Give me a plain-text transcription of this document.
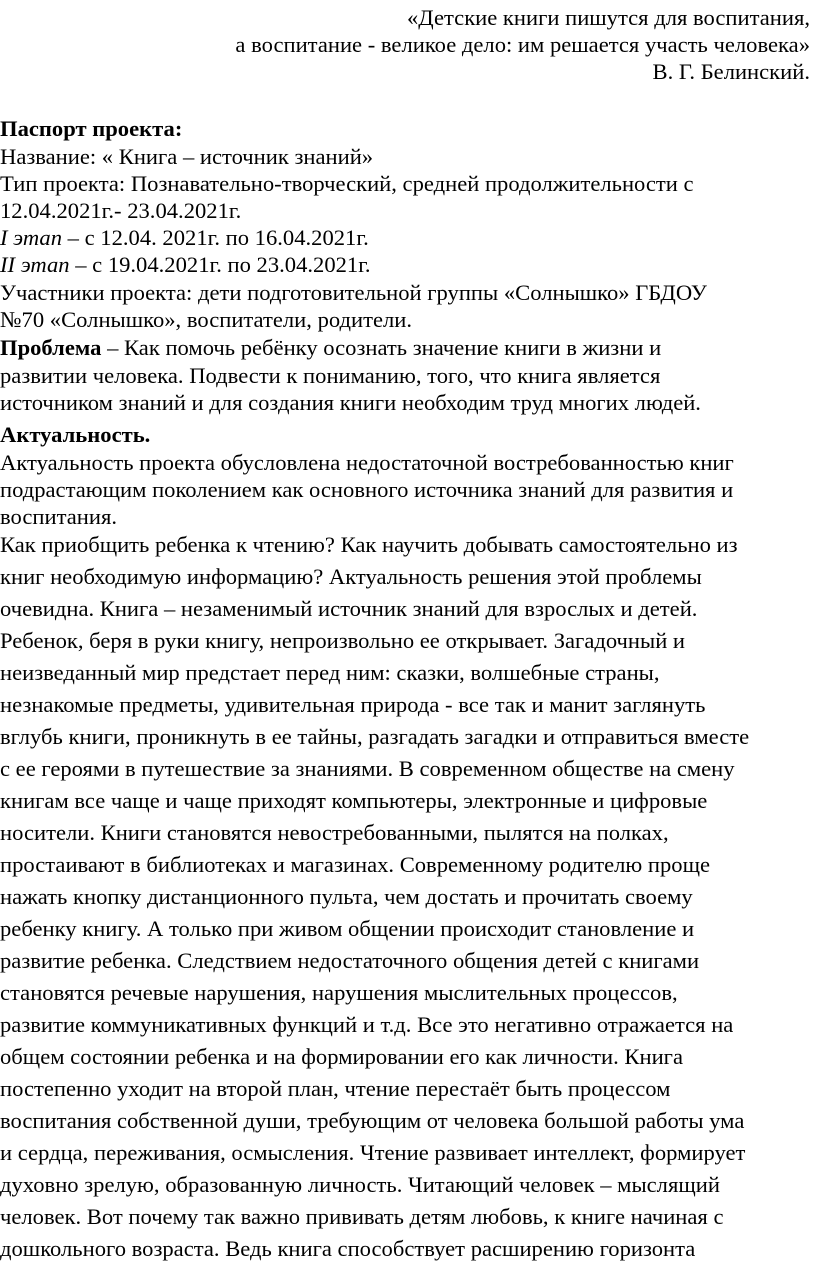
«Детские книги пишутся для воспитания,
а воспитание - великое дело: им решается участь человека»
В. Г. Белинский.
Паспорт проекта:
Название: « Книга – источник знаний»
Тип проекта: Познавательно-творческий, средней продолжительности с
12.04.2021г.- 23.04.2021г.
I этап – с 12.04. 2021г. по 16.04.2021г.
II этап – с 19.04.2021г. по 23.04.2021г.
Участники проекта: дети подготовительной группы «Солнышко» ГБДОУ
№70 «Солнышко», воспитатели, родители.
Проблема – Как помочь ребёнку осознать значение книги в жизни и
развитии человека. Подвести к пониманию, того, что книга является
источником знаний и для создания книги необходим труд многих людей.
Актуальность.
Актуальность проекта обусловлена недостаточной востребованностью книг
подрастающим поколением как основного источника знаний для развития и
воспитания.
Как приобщить ребенка к чтению? Как научить добывать самостоятельно из
книг необходимую информацию? Актуальность решения этой проблемы
очевидна. Книга – незаменимый источник знаний для взрослых и детей.
Ребенок, беря в руки книгу, непроизвольно ее открывает. Загадочный и
неизведанный мир предстает перед ним: сказки, волшебные страны,
незнакомые предметы, удивительная природа - все так и манит заглянуть
вглубь книги, проникнуть в ее тайны, разгадать загадки и отправиться вместе
с ее героями в путешествие за знаниями. В современном обществе на смену
книгам все чаще и чаще приходят компьютеры, электронные и цифровые
носители. Книги становятся невостребованными, пылятся на полках,
простаивают в библиотеках и магазинах. Современному родителю проще
нажать кнопку дистанционного пульта, чем достать и прочитать своему
ребенку книгу. А только при живом общении происходит становление и
развитие ребенка. Следствием недостаточного общения детей с книгами
становятся речевые нарушения, нарушения мыслительных процессов,
развитие коммуникативных функций и т.д. Все это негативно отражается на
общем состоянии ребенка и на формировании его как личности. Книга
постепенно уходит на второй план, чтение перестаёт быть процессом
воспитания собственной души, требующим от человека большой работы ума
и сердца, переживания, осмысления. Чтение развивает интеллект, формирует
духовно зрелую, образованную личность. Читающий человек – мыслящий
человек. Вот почему так важно прививать детям любовь, к книге начиная с
дошкольного возраста. Ведь книга способствует расширению горизонта
